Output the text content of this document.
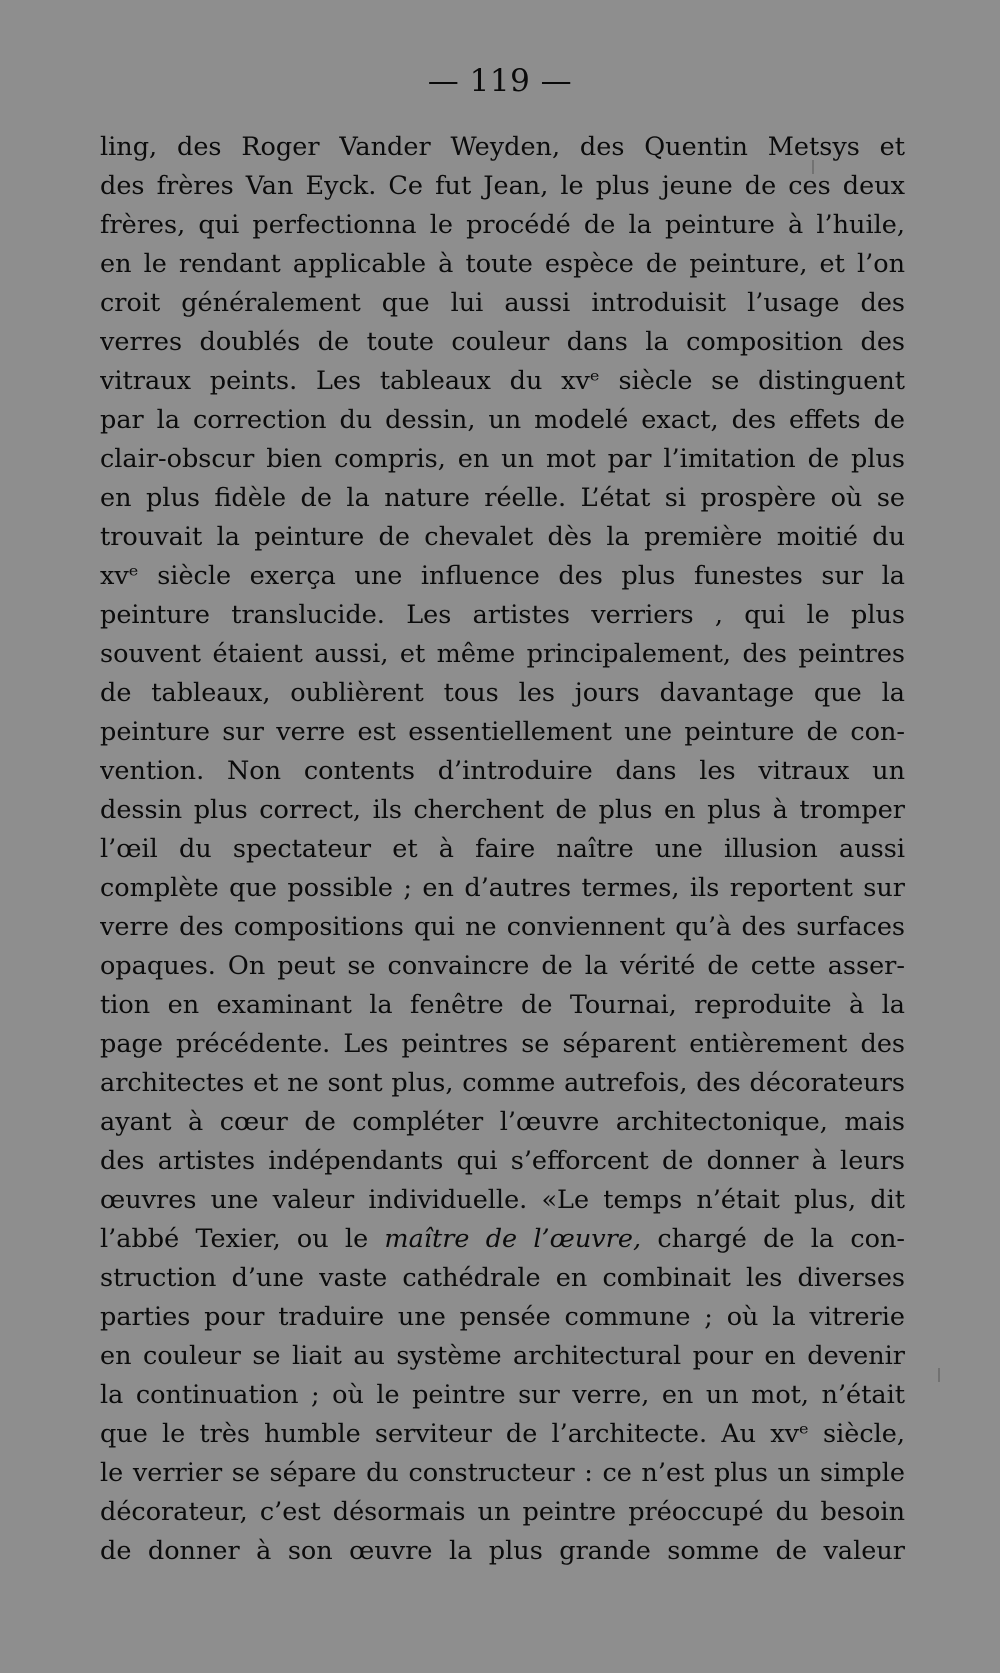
— 119 —
ling, des Roger Vander Weyden, des Quentin Metsys et
des frères Van Eyck. Ce fut Jean, le plus jeune de ces deux
frères, qui perfectionna le procédé de la peinture à l’huile,
en le rendant applicable à toute espèce de peinture, et l’on
croit généralement que lui aussi introduisit l’usage des
verres doublés de toute couleur dans la composition des
vitraux peints. Les tableaux du xvᵉ siècle se distinguent
par la correction du dessin, un modelé exact, des effets de
clair-obscur bien compris, en un mot par l’imitation de plus
en plus fidèle de la nature réelle. L’état si prospère où se
trouvait la peinture de chevalet dès la première moitié du
xvᵉ siècle exerça une influence des plus funestes sur la
peinture translucide. Les artistes verriers , qui le plus
souvent étaient aussi, et même principalement, des peintres
de tableaux, oublièrent tous les jours davantage que la
peinture sur verre est essentiellement une peinture de con-
vention. Non contents d’introduire dans les vitraux un
dessin plus correct, ils cherchent de plus en plus à tromper
l’œil du spectateur et à faire naître une illusion aussi
complète que possible ; en d’autres termes, ils reportent sur
verre des compositions qui ne conviennent qu’à des surfaces
opaques. On peut se convaincre de la vérité de cette asser-
tion en examinant la fenêtre de Tournai, reproduite à la
page précédente. Les peintres se séparent entièrement des
architectes et ne sont plus, comme autrefois, des décorateurs
ayant à cœur de compléter l’œuvre architectonique, mais
des artistes indépendants qui s’efforcent de donner à leurs
œuvres une valeur individuelle. «Le temps n’était plus, dit
l’abbé Texier, ou le maître de l’œuvre, chargé de la con-
struction d’une vaste cathédrale en combinait les diverses
parties pour traduire une pensée commune ; où la vitrerie
en couleur se liait au système architectural pour en devenir
la continuation ; où le peintre sur verre, en un mot, n’était
que le très humble serviteur de l’architecte. Au xvᵉ siècle,
le verrier se sépare du constructeur : ce n’est plus un simple
décorateur, c’est désormais un peintre préoccupé du besoin
de donner à son œuvre la plus grande somme de valeur
